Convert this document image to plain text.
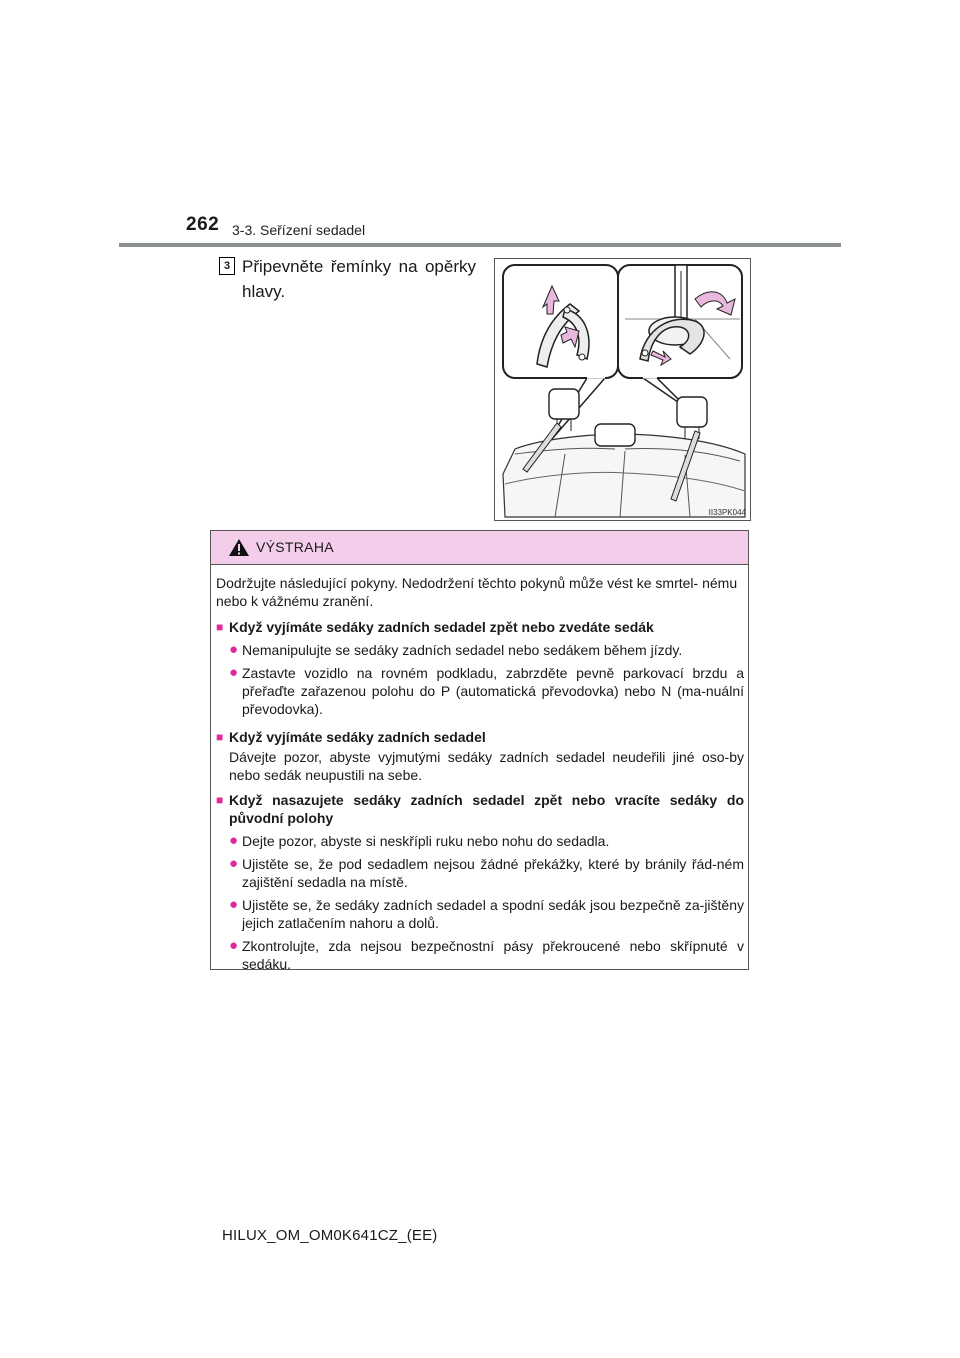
262 3-3. Seřízení sedadel
3 Připevněte řemínky na opěrky hlavy.
II33PK044
VÝSTRAHA

Dodržujte následující pokyny. Nedodržení těchto pokynů může vést ke smrtel- nému nebo k vážnému zranění.

■ Když vyjímáte sedáky zadních sedadel zpět nebo zvedáte sedák
● Nemanipulujte se sedáky zadních sedadel nebo sedákem během jízdy.
● Zastavte vozidlo na rovném podkladu, zabrzděte pevně parkovací brzdu a přeřaďte zařazenou polohu do P (automatická převodovka) nebo N (ma-nuální převodovka).
■ Když vyjímáte sedáky zadních sedadel

Dávejte pozor, abyste vyjmutými sedáky zadních sedadel neudeřili jiné oso-by nebo sedák neupustili na sebe.

■ Když nasazujete sedáky zadních sedadel zpět nebo vracíte sedáky do původní polohy
● Dejte pozor, abyste si neskřípli ruku nebo nohu do sedadla.
● Ujistěte se, že pod sedadlem nejsou žádné překážky, které by bránily řád-ném zajištění sedadla na místě.
● Ujistěte se, že sedáky zadních sedadel a spodní sedák jsou bezpečně za-jištěny jejich zatlačením nahoru a dolů.
● Zkontrolujte, zda nejsou bezpečnostní pásy překroucené nebo skřípnuté v sedáku.
HILUX_OM_OM0K641CZ_(EE)
